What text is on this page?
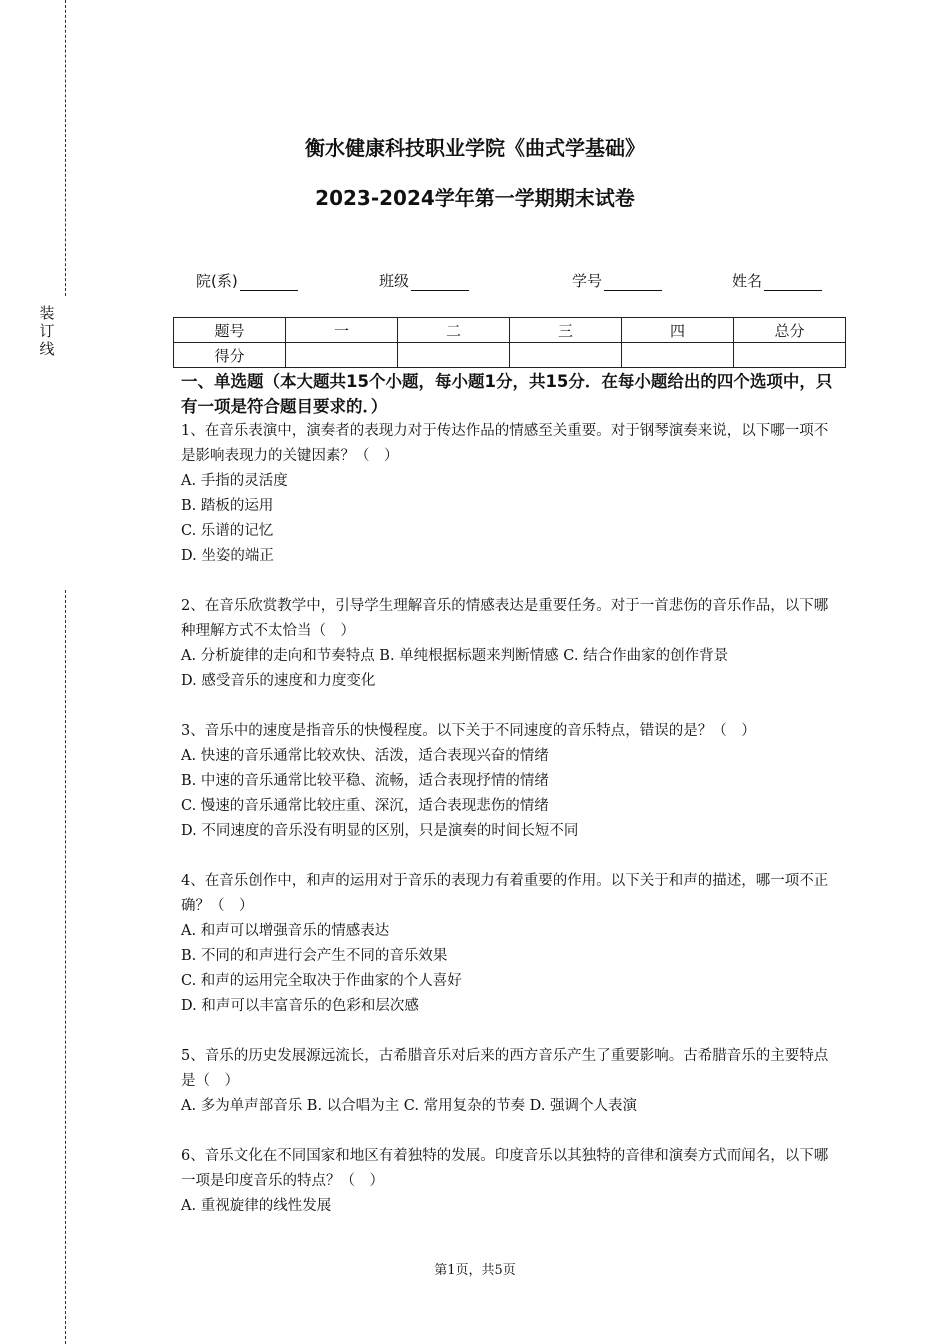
装订线
衡水健康科技职业学院《曲式学基础》
2023-2024学年第一学期期末试卷
院(系)	班级	学号	姓名
题号	一	二	三	四	总分
得分					

一、单选题（本大题共15个小题，每小题1分，共15分．在每小题给出的四个选项中，只有一项是符合题目要求的．）

1、在音乐表演中，演奏者的表现力对于传达作品的情感至关重要。对于钢琴演奏来说，以下哪一项不是影响表现力的关键因素？（　）

A. 手指的灵活度

B. 踏板的运用

C. 乐谱的记忆

D. 坐姿的端正

2、在音乐欣赏教学中，引导学生理解音乐的情感表达是重要任务。对于一首悲伤的音乐作品，以下哪种理解方式不太恰当（　）

A. 分析旋律的走向和节奏特点 B. 单纯根据标题来判断情感 C. 结合作曲家的创作背景

D. 感受音乐的速度和力度变化

3、音乐中的速度是指音乐的快慢程度。以下关于不同速度的音乐特点，错误的是？（　）

A. 快速的音乐通常比较欢快、活泼，适合表现兴奋的情绪

B. 中速的音乐通常比较平稳、流畅，适合表现抒情的情绪

C. 慢速的音乐通常比较庄重、深沉，适合表现悲伤的情绪

D. 不同速度的音乐没有明显的区别，只是演奏的时间长短不同

4、在音乐创作中，和声的运用对于音乐的表现力有着重要的作用。以下关于和声的描述，哪一项不正确？（　）

A. 和声可以增强音乐的情感表达

B. 不同的和声进行会产生不同的音乐效果

C. 和声的运用完全取决于作曲家的个人喜好

D. 和声可以丰富音乐的色彩和层次感

5、音乐的历史发展源远流长，古希腊音乐对后来的西方音乐产生了重要影响。古希腊音乐的主要特点是（　）

A. 多为单声部音乐 B. 以合唱为主 C. 常用复杂的节奏 D. 强调个人表演

6、音乐文化在不同国家和地区有着独特的发展。印度音乐以其独特的音律和演奏方式而闻名，以下哪一项是印度音乐的特点？（　）

A. 重视旋律的线性发展

第1页，共5页
